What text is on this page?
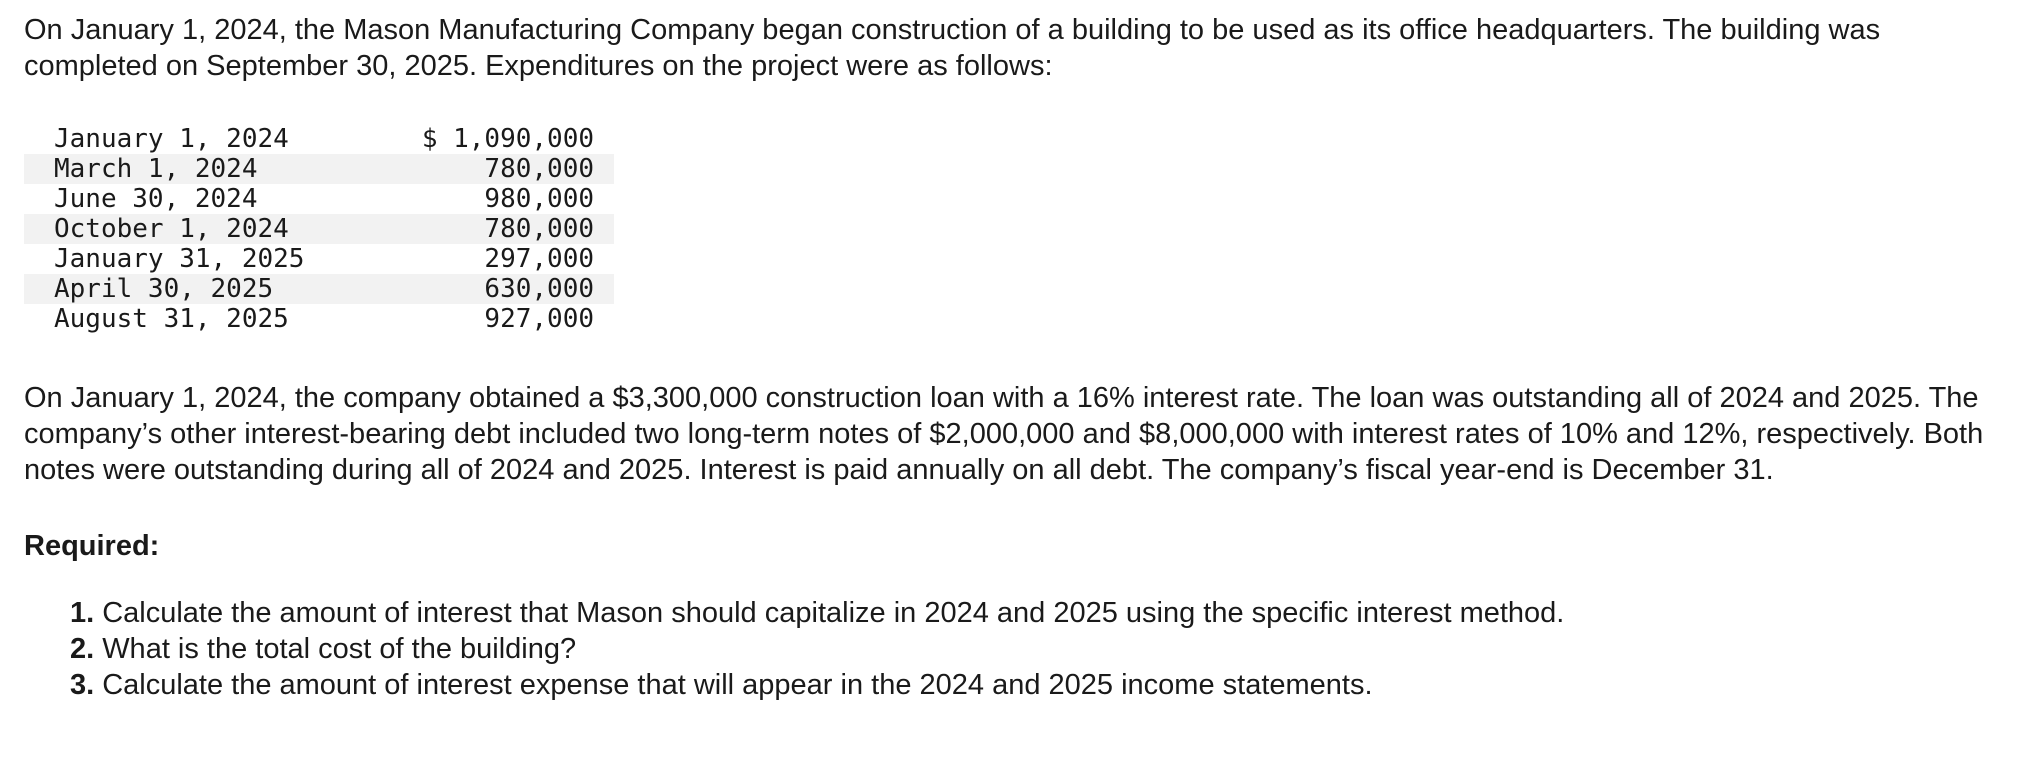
On January 1, 2024, the Mason Manufacturing Company began construction of a building to be used as its office headquarters. The building was completed on September 30, 2025. Expenditures on the project were as follows:

January 1, 2024	$ 1,090,000
March 1, 2024	780,000
June 30, 2024	980,000
October 1, 2024	780,000
January 31, 2025	297,000
April 30, 2025	630,000
August 31, 2025	927,000

On January 1, 2024, the company obtained a $3,300,000 construction loan with a 16% interest rate. The loan was outstanding all of 2024 and 2025. The company’s other interest-bearing debt included two long-term notes of $2,000,000 and $8,000,000 with interest rates of 10% and 12%, respectively. Both notes were outstanding during all of 2024 and 2025. Interest is paid annually on all debt. The company’s fiscal year-end is December 31.

Required:
1. Calculate the amount of interest that Mason should capitalize in 2024 and 2025 using the specific interest method.
2. What is the total cost of the building?
3. Calculate the amount of interest expense that will appear in the 2024 and 2025 income statements.
